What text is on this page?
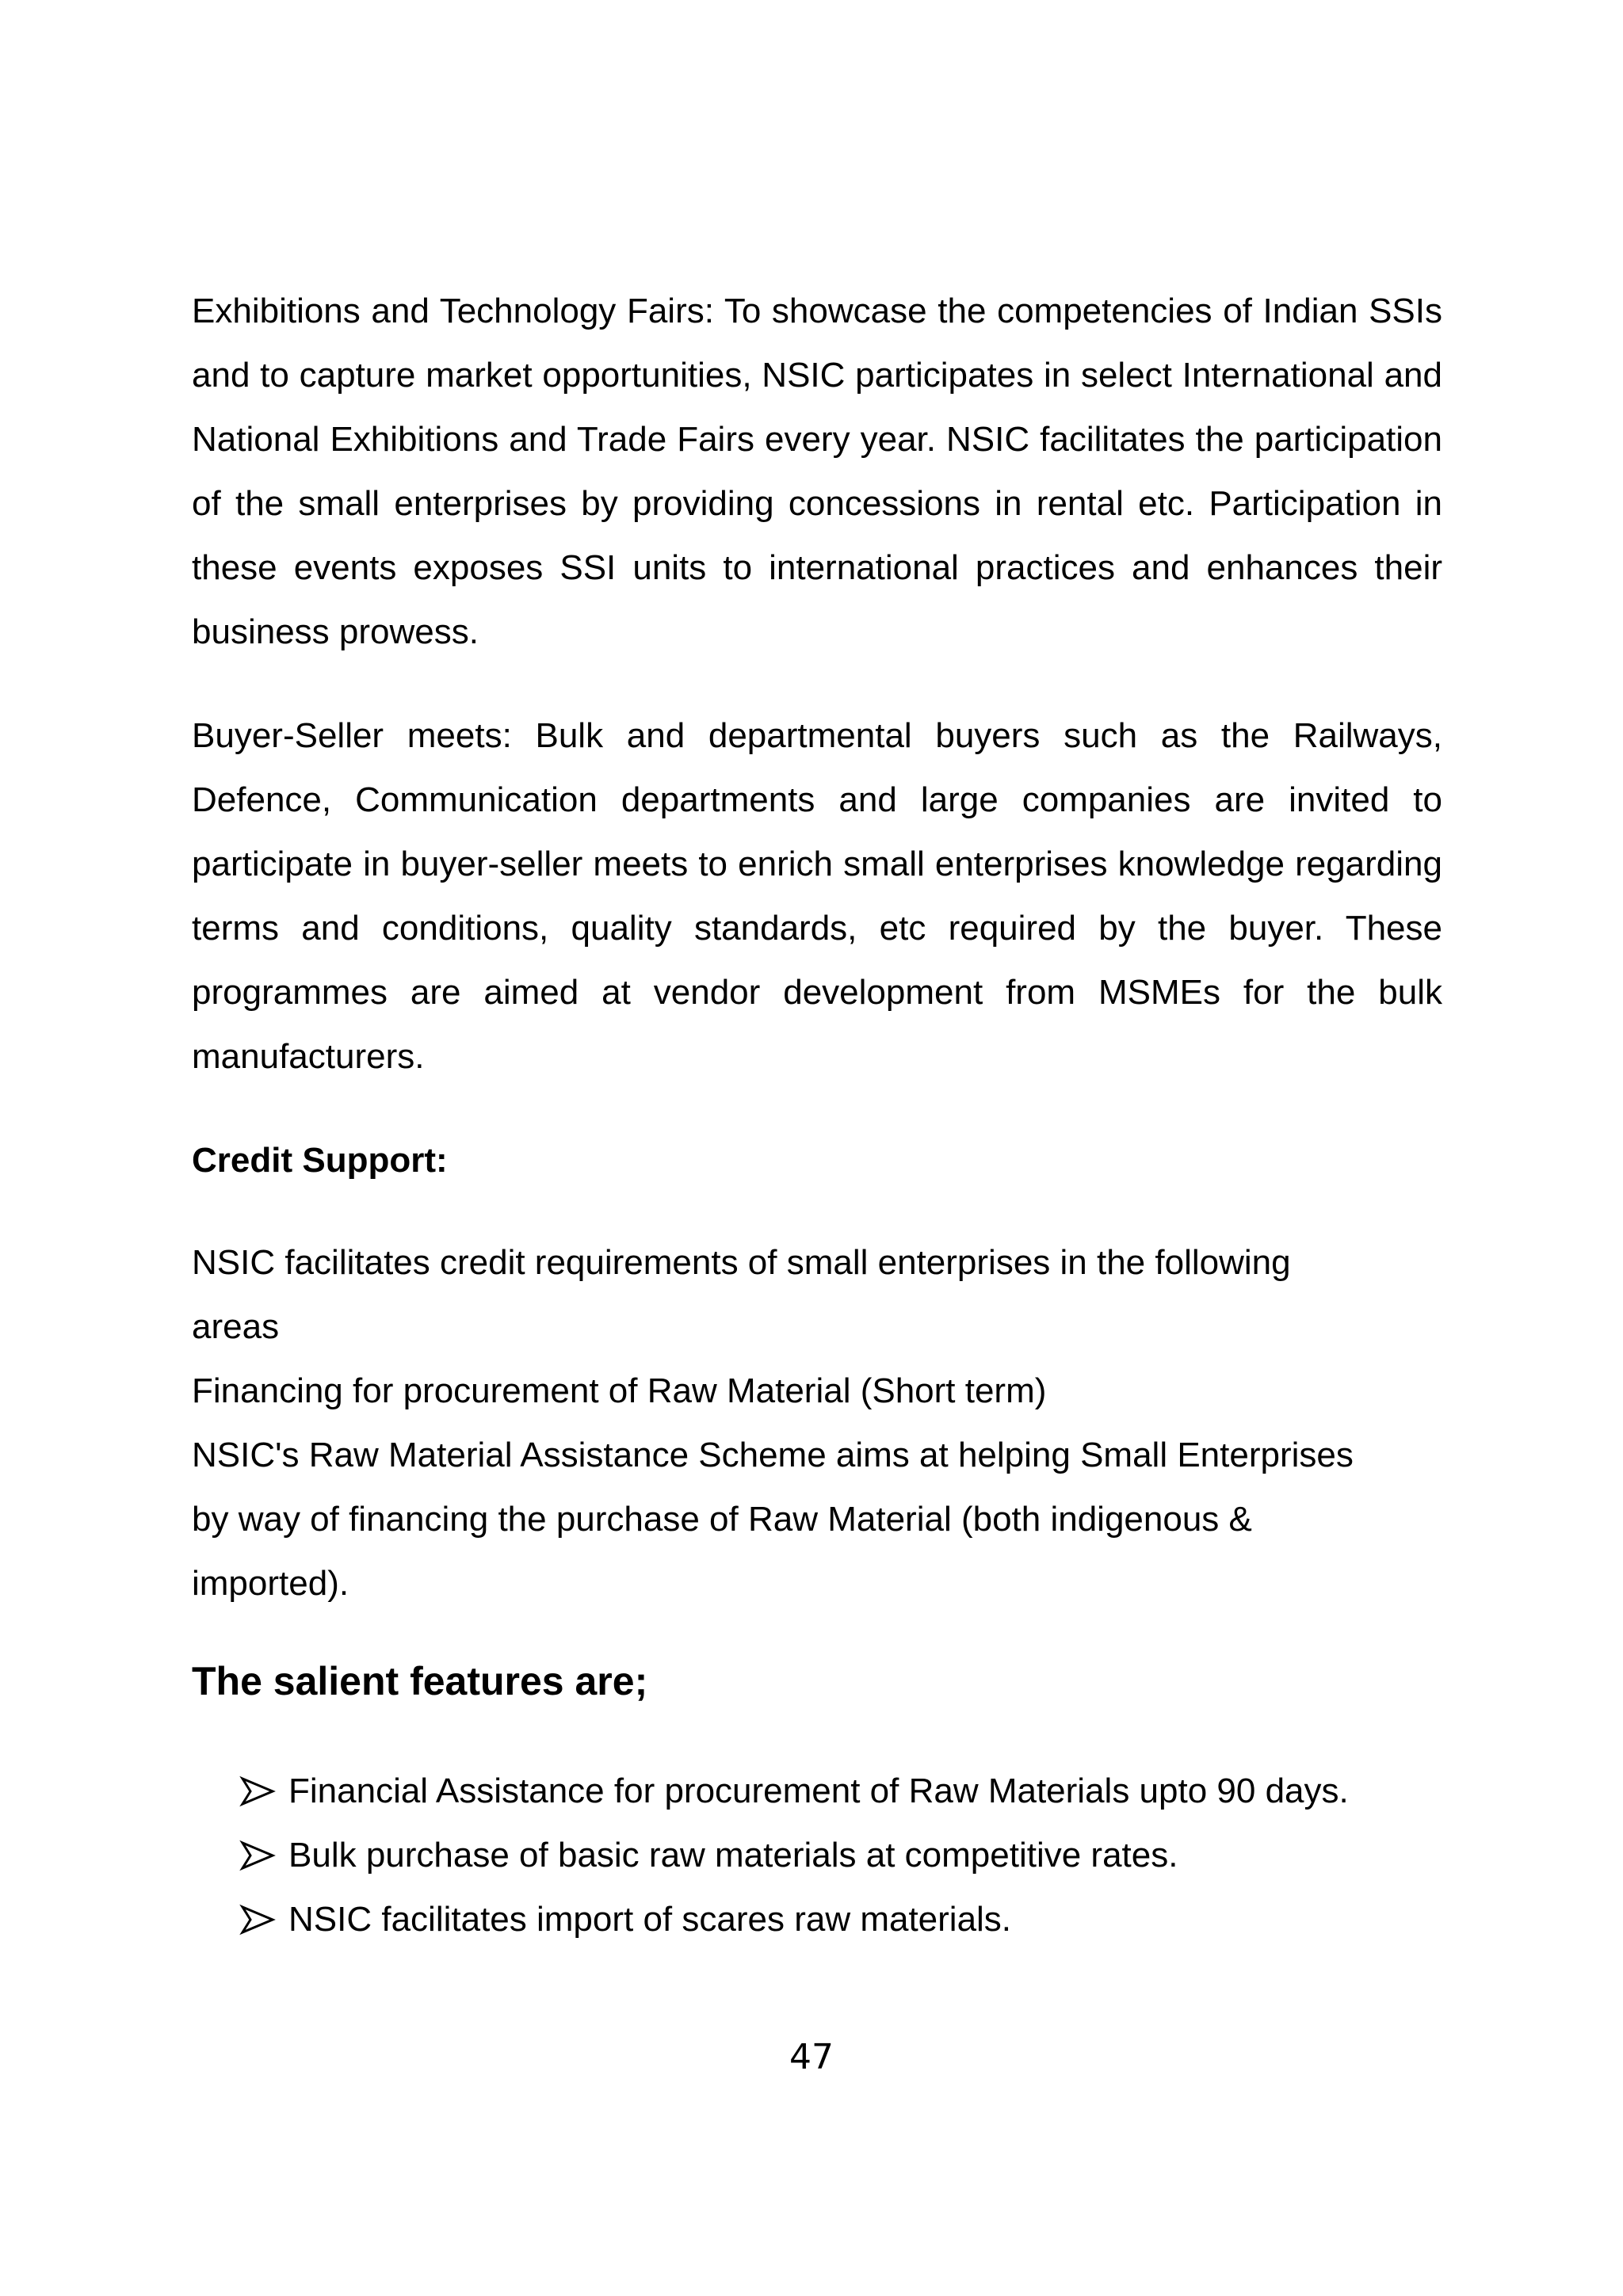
Exhibitions and Technology Fairs: To showcase the competencies of Indian SSIs and to capture market opportunities, NSIC participates in select International and National Exhibitions and Trade Fairs every year. NSIC facilitates the participation of the small enterprises by providing concessions in rental etc. Participation in these events exposes SSI units to international practices and enhances their business prowess.

Buyer-Seller meets: Bulk and departmental buyers such as the Railways, Defence, Communication departments and large companies are invited to participate in buyer-seller meets to enrich small enterprises knowledge regarding terms and conditions, quality standards, etc required by the buyer. These programmes are aimed at vendor development from MSMEs for the bulk manufacturers.

Credit Support:

NSIC facilitates credit requirements of small enterprises in the following
areas
Financing for procurement of Raw Material (Short term)
NSIC's Raw Material Assistance Scheme aims at helping Small Enterprises
by way of financing the purchase of Raw Material (both indigenous &
imported).

The salient features are;

Financial Assistance for procurement of Raw Materials upto 90 days.
Bulk purchase of basic raw materials at competitive rates.
NSIC facilitates import of scares raw materials.
47
